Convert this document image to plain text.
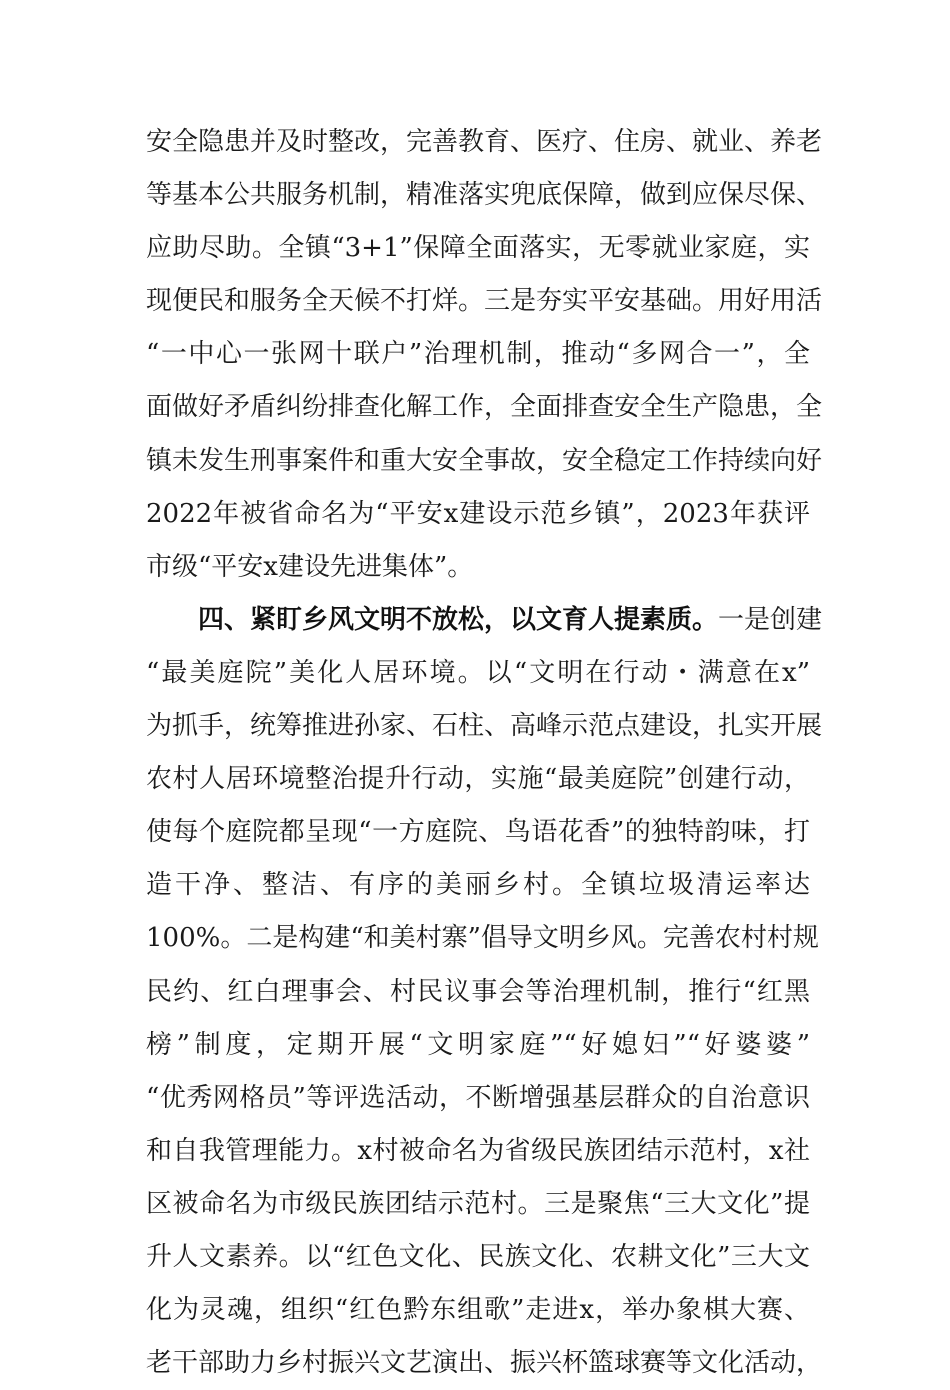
安全隐患并及时整改，完善教育、医疗、住房、就业、养老
等基本公共服务机制，精准落实兜底保障，做到应保尽保、
应助尽助。全镇“3+1”保障全面落实，无零就业家庭，实
现便民和服务全天候不打烊。三是夯实平安基础。用好用活
“一中心一张网十联户”治理机制，推动“多网合一”，全
面做好矛盾纠纷排查化解工作，全面排查安全生产隐患，全
镇未发生刑事案件和重大安全事故，安全稳定工作持续向好
2022年被省命名为“平安x建设示范乡镇”，2023年获评
市级“平安x建设先进集体”。
四、紧盯乡风文明不放松，以文育人提素质。一是创建
“最美庭院”美化人居环境。以“文明在行动・满意在x”
为抓手，统筹推进孙家、石柱、高峰示范点建设，扎实开展
农村人居环境整治提升行动，实施“最美庭院”创建行动，
使每个庭院都呈现“一方庭院、鸟语花香”的独特韵味，打
造干净、整洁、有序的美丽乡村。全镇垃圾清运率达
100%。二是构建“和美村寨”倡导文明乡风。完善农村村规
民约、红白理事会、村民议事会等治理机制，推行“红黑
榜”制度，定期开展“文明家庭”“好媳妇”“好婆婆”
“优秀网格员”等评选活动，不断增强基层群众的自治意识
和自我管理能力。x村被命名为省级民族团结示范村，x社
区被命名为市级民族团结示范村。三是聚焦“三大文化”提
升人文素养。以“红色文化、民族文化、农耕文化”三大文
化为灵魂，组织“红色黔东组歌”走进x，举办象棋大赛、
老干部助力乡村振兴文艺演出、振兴杯篮球赛等文化活动，
